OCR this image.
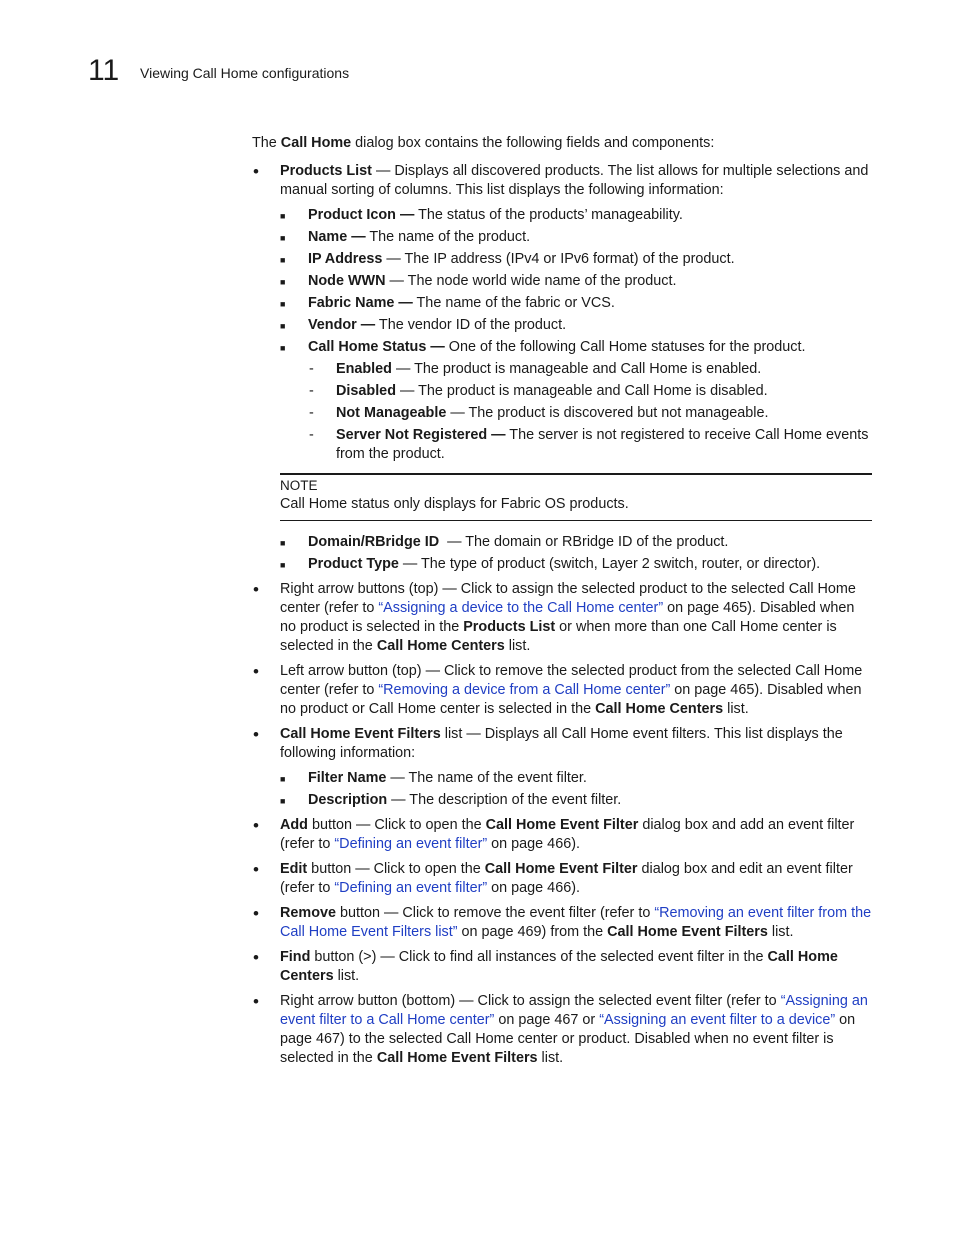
11 Viewing Call Home configurations

The Call Home dialog box contains the following fields and components:

• Products List — Displays all discovered products. The list allows for multiple selections and manual sorting of columns. This list displays the following information:
■ Product Icon — The status of the products’ manageability.
■ Name — The name of the product.
■ IP Address — The IP address (IPv4 or IPv6 format) of the product.
■ Node WWN — The node world wide name of the product.
■ Fabric Name — The name of the fabric or VCS.
■ Vendor — The vendor ID of the product.
■ Call Home Status — One of the following Call Home statuses for the product.
- Enabled — The product is manageable and Call Home is enabled.
- Disabled — The product is manageable and Call Home is disabled.
- Not Manageable — The product is discovered but not manageable.
- Server Not Registered — The server is not registered to receive Call Home events from the product.
NOTE
Call Home status only displays for Fabric OS products.
■ Domain/RBridge ID  — The domain or RBridge ID of the product.
■ Product Type — The type of product (switch, Layer 2 switch, router, or director).
• Right arrow buttons (top) — Click to assign the selected product to the selected Call Home center (refer to “Assigning a device to the Call Home center” on page 465). Disabled when no product is selected in the Products List or when more than one Call Home center is selected in the Call Home Centers list.
• Left arrow button (top) — Click to remove the selected product from the selected Call Home center (refer to “Removing a device from a Call Home center” on page 465). Disabled when no product or Call Home center is selected in the Call Home Centers list.
• Call Home Event Filters list — Displays all Call Home event filters. This list displays the following information:
■ Filter Name — The name of the event filter.
■ Description — The description of the event filter.
• Add button — Click to open the Call Home Event Filter dialog box and add an event filter (refer to “Defining an event filter” on page 466).
• Edit button — Click to open the Call Home Event Filter dialog box and edit an event filter (refer to “Defining an event filter” on page 466).
• Remove button — Click to remove the event filter (refer to “Removing an event filter from the Call Home Event Filters list” on page 469) from the Call Home Event Filters list.
• Find button (>) — Click to find all instances of the selected event filter in the Call Home Centers list.
• Right arrow button (bottom) — Click to assign the selected event filter (refer to “Assigning an event filter to a Call Home center” on page 467 or “Assigning an event filter to a device” on page 467) to the selected Call Home center or product. Disabled when no event filter is selected in the Call Home Event Filters list.
